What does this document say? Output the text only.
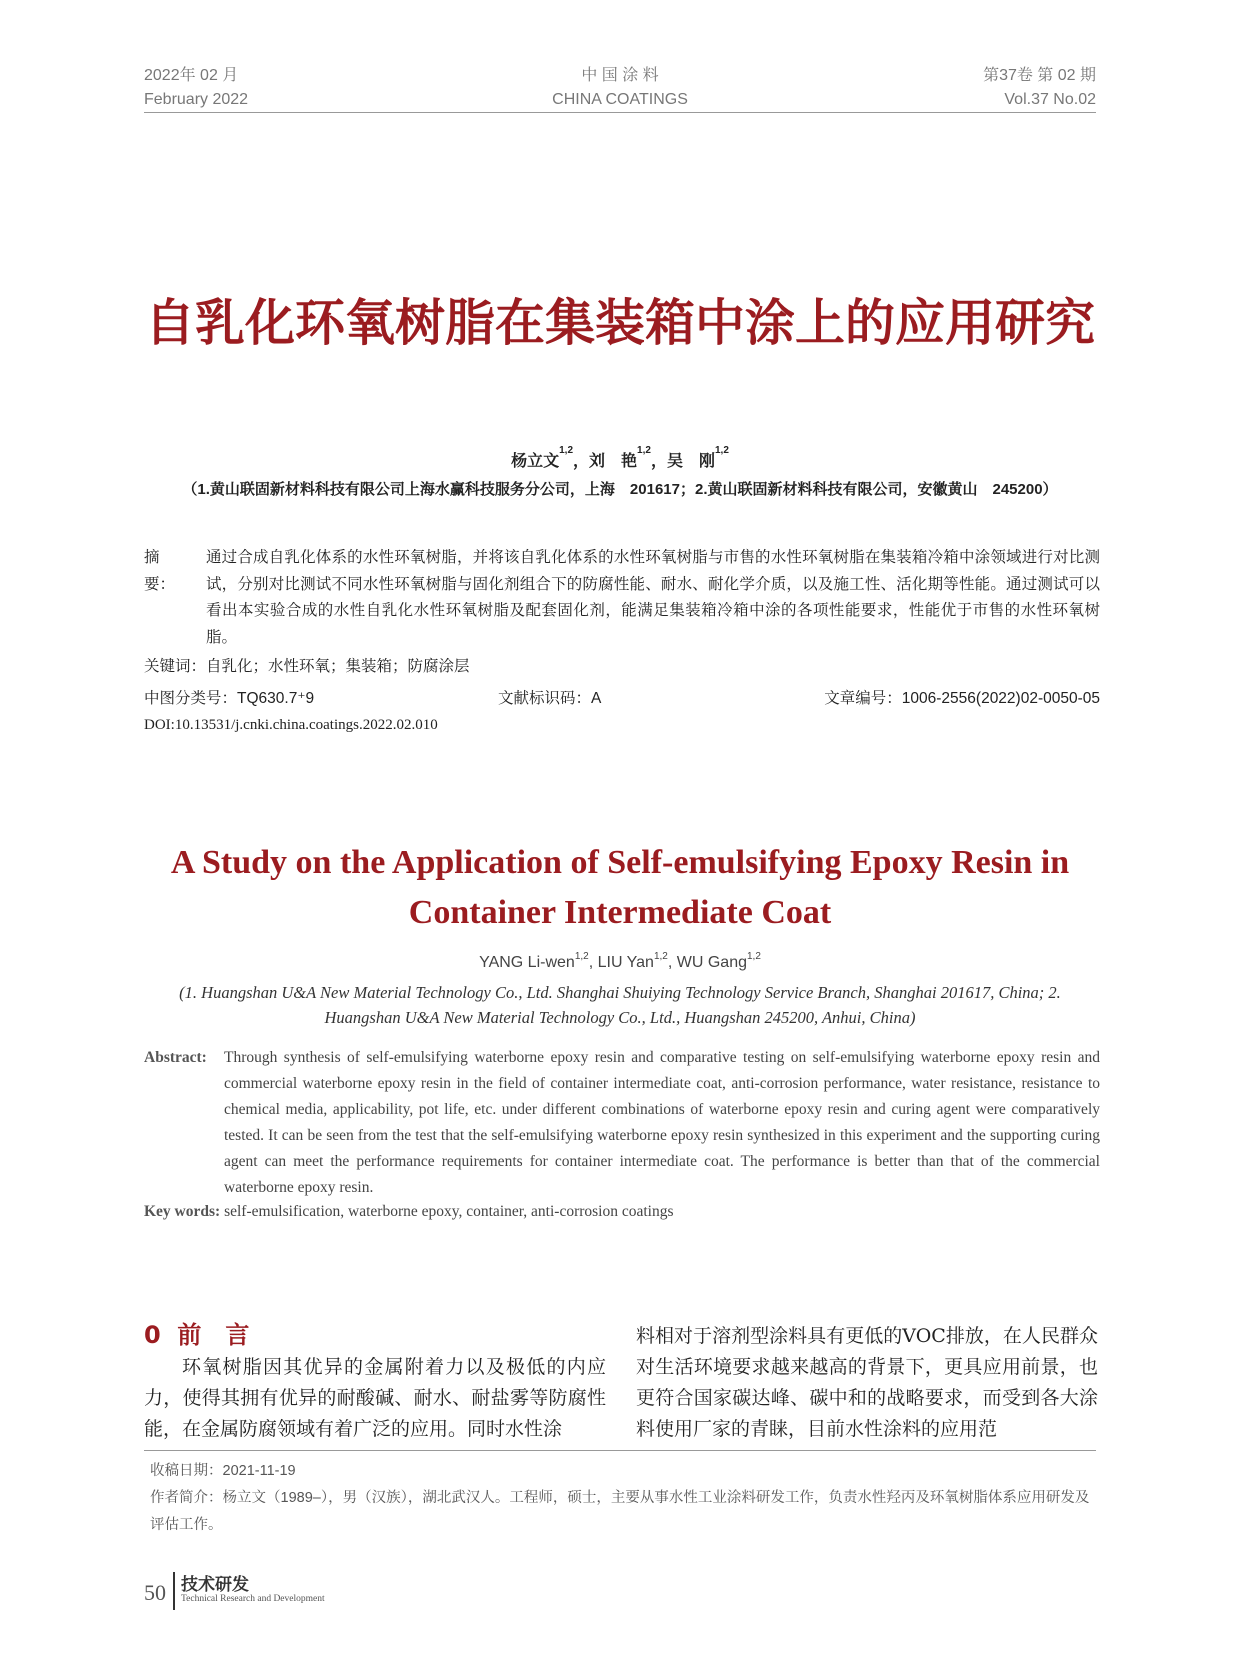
2022年 02 月
February 2022
中 国 涂 料
CHINA COATINGS
第37卷 第 02 期
Vol.37 No.02
自乳化环氧树脂在集装箱中涂上的应用研究
杨立文$^{1,2}$，刘　艳$^{1,2}$，吴　刚$^{1,2}$
（1.黄山联固新材料科技有限公司上海水赢科技服务分公司，上海　201617；2.黄山联固新材料科技有限公司，安徽黄山　245200）
摘　要：
通过合成自乳化体系的水性环氧树脂，并将该自乳化体系的水性环氧树脂与市售的水性环氧树脂在集装箱冷箱中涂领域进行对比测试，分别对比测试不同水性环氧树脂与固化剂组合下的防腐性能、耐水、耐化学介质，以及施工性、活化期等性能。通过测试可以看出本实验合成的水性自乳化水性环氧树脂及配套固化剂，能满足集装箱冷箱中涂的各项性能要求，性能优于市售的水性环氧树脂。
关键词：自乳化；水性环氧；集装箱；防腐涂层
中图分类号：TQ630.7⁺9	文献标识码：A	文章编号：1006-2556(2022)02-0050-05
DOI:10.13531/j.cnki.china.coatings.2022.02.010
A Study on the Application of Self-emulsifying Epoxy Resin in Container Intermediate Coat
YANG Li-wen$^{1,2}$, LIU Yan$^{1,2}$, WU Gang$^{1,2}$
(1. Huangshan U&A New Material Technology Co., Ltd. Shanghai Shuiying Technology Service Branch, Shanghai 201617, China; 2. Huangshan U&A New Material Technology Co., Ltd., Huangshan 245200, Anhui, China)
Abstract: Through synthesis of self-emulsifying waterborne epoxy resin and comparative testing on self-emulsifying waterborne epoxy resin and commercial waterborne epoxy resin in the field of container intermediate coat, anti-corrosion performance, water resistance, resistance to chemical media, applicability, pot life, etc. under different combinations of waterborne epoxy resin and curing agent were comparatively tested. It can be seen from the test that the self-emulsifying waterborne epoxy resin synthesized in this experiment and the supporting curing agent can meet the performance requirements for container intermediate coat. The performance is better than that of the commercial waterborne epoxy resin.
Key words: self-emulsification, waterborne epoxy, container, anti-corrosion coatings
0 前　言
环氧树脂因其优异的金属附着力以及极低的内应力，使得其拥有优异的耐酸碱、耐水、耐盐雾等防腐性能，在金属防腐领域有着广泛的应用。同时水性涂
料相对于溶剂型涂料具有更低的VOC排放，在人民群众对生活环境要求越来越高的背景下，更具应用前景，也更符合国家碳达峰、碳中和的战略要求，而受到各大涂料使用厂家的青睐，目前水性涂料的应用范
收稿日期：2021-11-19
作者简介：杨立文（1989–），男（汉族），湖北武汉人。工程师，硕士，主要从事水性工业涂料研发工作，负责水性羟丙及环氧树脂体系应用研发及评估工作。
50 技术研发
Technical Research and Development
